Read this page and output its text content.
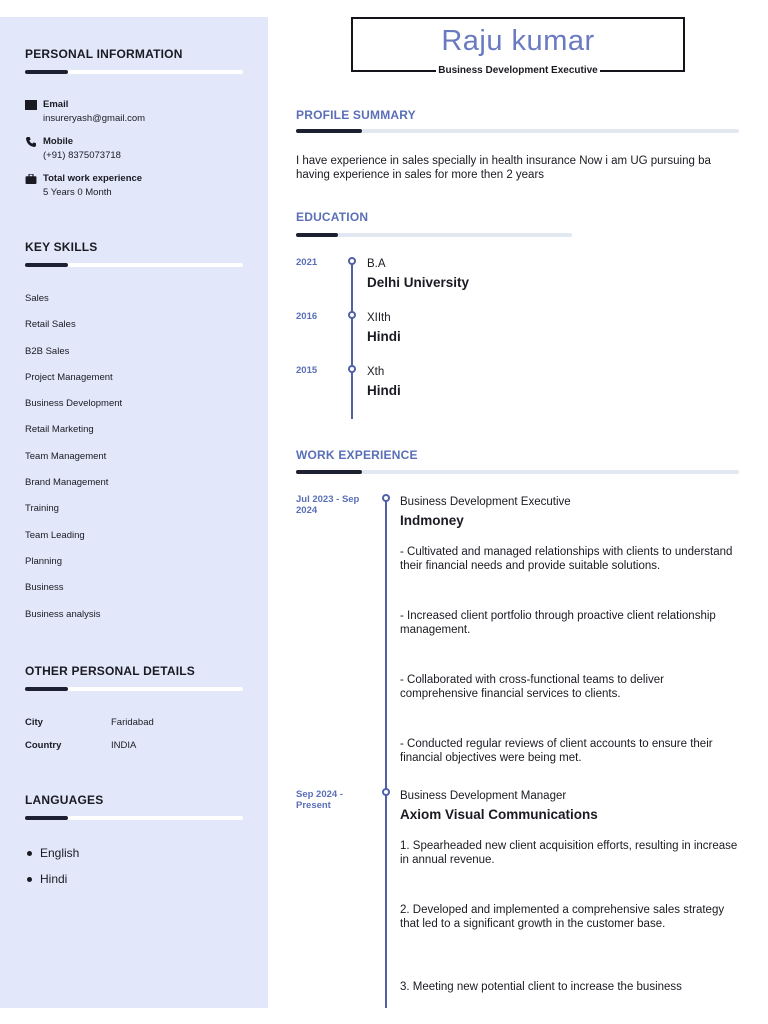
PERSONAL INFORMATION
Email
insureryash@gmail.com
Mobile
(+91) 8375073718
Total work experience
5 Years 0 Month
KEY SKILLS
Sales
Retail Sales
B2B Sales
Project Management
Business Development
Retail Marketing
Team Management
Brand Management
Training
Team Leading
Planning
Business
Business analysis
OTHER PERSONAL DETAILS
City	Faridabad
Country	INDIA
LANGUAGES
English
Hindi
Raju kumar
Business Development Executive
PROFILE SUMMARY

I have experience in sales specially in health insurance Now i am UG pursuing ba having experience in sales for more then 2 years

EDUCATION
2021	B.A
Delhi University
2016	XIIth
Hindi
2015	Xth
Hindi
WORK EXPERIENCE
Jul 2023 - Sep 2024
Business Development Executive
Indmoney

- Cultivated and managed relationships with clients to understand their financial needs and provide suitable solutions.

- Increased client portfolio through proactive client relationship management.

- Collaborated with cross-functional teams to deliver comprehensive financial services to clients.

- Conducted regular reviews of client accounts to ensure their financial objectives were being met.

Sep 2024 - Present
Business Development Manager
Axiom Visual Communications

1. Spearheaded new client acquisition efforts, resulting in increase in annual revenue.

2. Developed and implemented a comprehensive sales strategy that led to a significant growth in the customer base.

3. Meeting new potential client to increase the business
